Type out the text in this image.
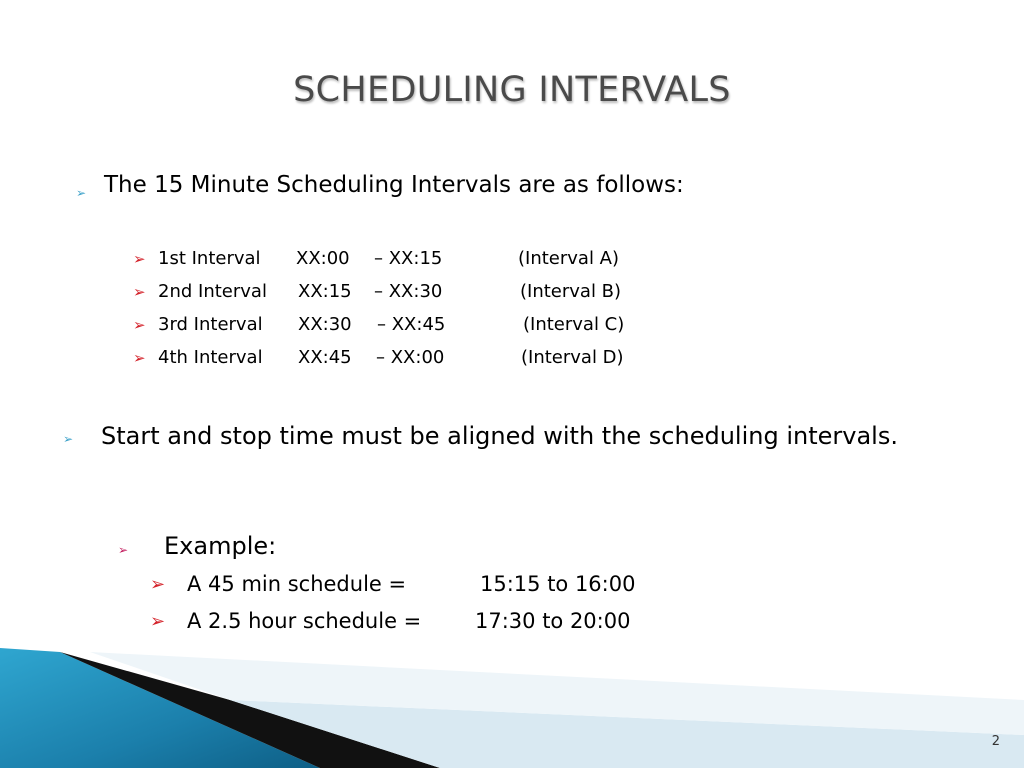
SCHEDULING INTERVALS
➢ The 15 Minute Scheduling Intervals are as follows:
➢ 1st Interval XX:00 – XX:15	(Interval A)
➢ 2nd Interval XX:15 – XX:30	(Interval B)
➢ 3rd Interval XX:30 – XX:45	(Interval C)
➢ 4th Interval XX:45 – XX:00	(Interval D)
➢ Start and stop time must be aligned with the scheduling intervals.
➢ Example:
➢ A 45 min schedule =	15:15 to 16:00
➢ A 2.5 hour schedule =	17:30 to 20:00
2
